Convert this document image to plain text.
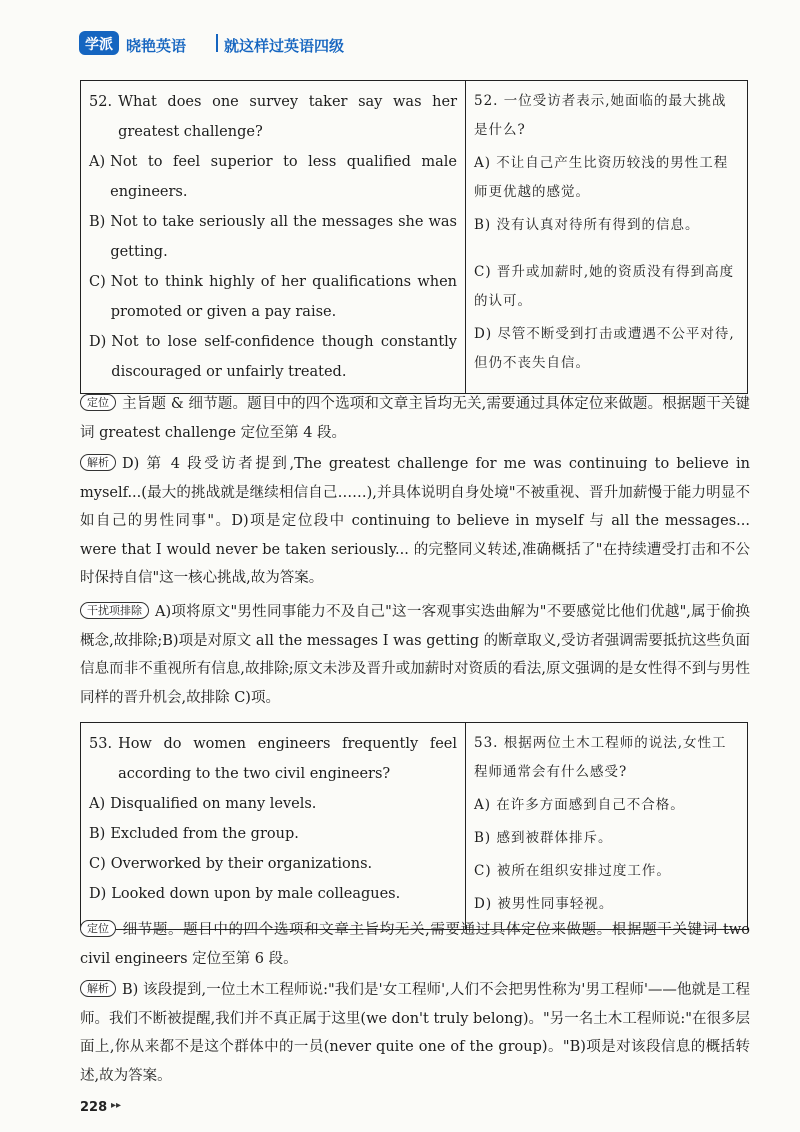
学派 晓艳英语	就这样过英语四级
52. What does one survey taker say was her greatest challenge?
A) Not to feel superior to less qualified male engineers.
B) Not to take seriously all the messages she was getting.
C) Not to think highly of her qualifications when promoted or given a pay raise.
D) Not to lose self-confidence though constantly discouraged or unfairly treated.

52. 一位受访者表示,她面临的最大挑战是什么?
A) 不让自己产生比资历较浅的男性工程师更优越的感觉。
B) 没有认真对待所有得到的信息。
C) 晋升或加薪时,她的资质没有得到高度的认可。
D) 尽管不断受到打击或遭遇不公平对待,但仍不丧失自信。
定位 主旨题 & 细节题。题目中的四个选项和文章主旨均无关,需要通过具体定位来做题。根据题干关键词 greatest challenge 定位至第 4 段。
解析 D) 第 4 段受访者提到,The greatest challenge for me was continuing to believe in myself...(最大的挑战就是继续相信自己……),并具体说明自身处境"不被重视、晋升加薪慢于能力明显不如自己的男性同事"。D)项是定位段中 continuing to believe in myself 与 all the messages... were that I would never be taken seriously... 的完整同义转述,准确概括了"在持续遭受打击和不公时保持自信"这一核心挑战,故为答案。
干扰项排除 A)项将原文"男性同事能力不及自己"这一客观事实迭曲解为"不要感觉比他们优越",属于偷换概念,故排除;B)项是对原文 all the messages I was getting 的断章取义,受访者强调需要抵抗这些负面信息而非不重视所有信息,故排除;原文未涉及晋升或加薪时对资质的看法,原文强调的是女性得不到与男性同样的晋升机会,故排除 C)项。
53. How do women engineers frequently feel according to the two civil engineers?
A) Disqualified on many levels.
B) Excluded from the group.
C) Overworked by their organizations.
D) Looked down upon by male colleagues.

53. 根据两位土木工程师的说法,女性工程师通常会有什么感受?
A) 在许多方面感到自己不合格。
B) 感到被群体排斥。
C) 被所在组织安排过度工作。
D) 被男性同事轻视。
定位 细节题。题目中的四个选项和文章主旨均无关,需要通过具体定位来做题。根据题干关键词 two civil engineers 定位至第 6 段。
解析 B) 该段提到,一位土木工程师说:"我们是'女工程师',人们不会把男性称为'男工程师'——他就是工程师。我们不断被提醒,我们并不真正属于这里(we don't truly belong)。"另一名土木工程师说:"在很多层面上,你从来都不是这个群体中的一员(never quite one of the group)。"B)项是对该段信息的概括转述,故为答案。
228 ▸▸
